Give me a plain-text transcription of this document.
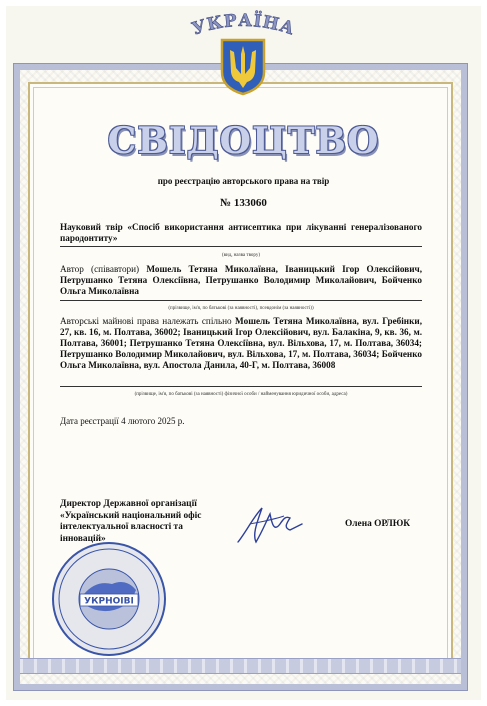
УКРАЇНА
СВІДОЦТВО
про реєстрацію авторського права на твір
№ 133060
Науковий твір «Спосіб використання антисептика при лікуванні генералізованого пародонтиту»
(вид, назва твору)
Автор (співавтори) Мошель Тетяна Миколаївна, Іваницький Ігор Олексійович, Петрушанко Тетяна Олексіївна, Петрушанко Володимир Миколайович, Бойченко Ольга Миколаївна
(прізвище, ім'я, по батькові (за наявності), псевдонім (за наявності))
Авторські майнові права належать спільно Мошель Тетяна Миколаївна, вул. Гребінки, 27, кв. 16, м. Полтава, 36002; Іваницький Ігор Олексійович, вул. Балакіна, 9, кв. 36, м. Полтава, 36001; Петрушанко Тетяна Олексіївна, вул. Вільхова, 17, м. Полтава, 36034; Петрушанко Володимир Миколайович, вул. Вільхова, 17, м. Полтава, 36034; Бойченко Ольга Миколаївна, вул. Апостола Данила, 40-Г, м. Полтава, 36008
(прізвище, ім'я, по батькові (за наявності) фізичної особи / найменування юридичної особи, адреса)
Дата реєстрації 4 лютого 2025 р.
Директор Державної організації «Український національний офіс інтелектуальної власності та інновацій»
Олена ОРЛЮК
УКРНОІВІ
